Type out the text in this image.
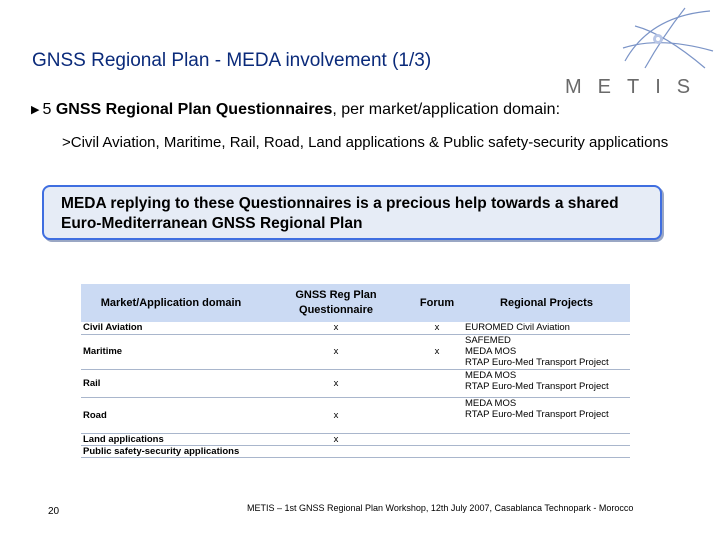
GNSS Regional Plan - MEDA involvement (1/3)
METIS
▶ 5 GNSS Regional Plan Questionnaires, per market/application domain:
>Civil Aviation, Maritime, Rail, Road, Land applications & Public safety-security applications
MEDA replying to these Questionnaires is a precious help towards a shared Euro-Mediterranean GNSS Regional Plan
Market/Application domain	GNSS Reg Plan Questionnaire	Forum	Regional Projects
Civil Aviation	x	x	EUROMED Civil Aviation

Maritime	x	x	SAFEMED
MEDA MOS
RTAP Euro-Med Transport Project

Rail	x		MEDA MOS
RTAP Euro-Med Transport Project

Road	x		MEDA MOS
RTAP Euro-Med Transport Project

Land applications	x		
Public safety-security applications			
20	METIS – 1st GNSS Regional Plan Workshop, 12th July 2007, Casablanca Technopark - Morocco
